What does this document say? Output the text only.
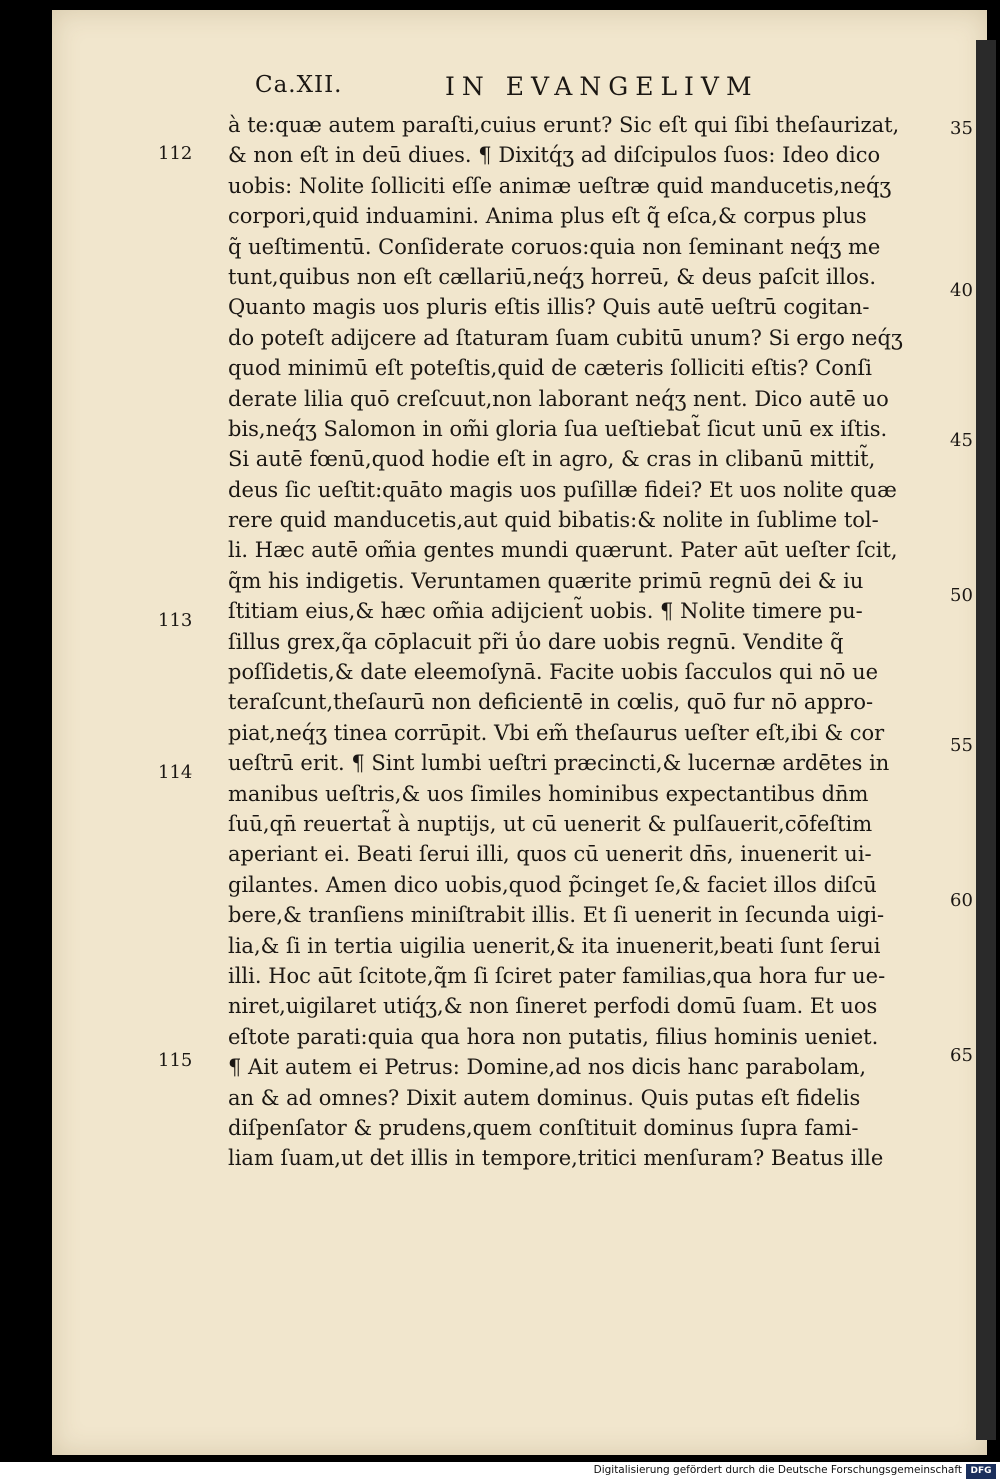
Ca.XII.	IN EVANGELIVM
à te:quæ autem paraſti,cuius erunt? Sic eſt qui ſibi theſaurizat,
& non eſt in deū diues. ¶ Dixitq́ʒ ad diſcipulos ſuos: Ideo dico
uobis: Nolite ſolliciti eſſe animæ ueſtræ quid manducetis,neq́ʒ
corpori,quid induamini. Anima plus eſt q̃ eſca,& corpus plus
q̃ ueſtimentū. Conſiderate coruos:quia non ſeminant neq́ʒ me
tunt,quibus non eſt cællariū,neq́ʒ horreū, & deus paſcit illos.
Quanto magis uos pluris eſtis illis? Quis autē ueſtrū cogitan-
do poteſt adijcere ad ſtaturam ſuam cubitū unum? Si ergo neq́ʒ
quod minimū eſt poteſtis,quid de cæteris ſolliciti eſtis? Conſi
derate lilia quō creſcuut,non laborant neq́ʒ nent. Dico autē uo
bis,neq́ʒ Salomon in om̃i gloria ſua ueſtiebat̃ ſicut unū ex iſtis.
Si autē fœnū,quod hodie eſt in agro, & cras in clibanū mittit̃,
deus ſic ueſtit:quāto magis uos puſillæ fidei? Et uos nolite quæ
rere quid manducetis,aut quid bibatis:& nolite in ſublime tol-
li. Hæc autē om̃ia gentes mundi quærunt. Pater aūt ueſter ſcit,
q̃m his indigetis. Veruntamen quærite primū regnū dei & iu
ſtitiam eius,& hæc om̃ia adijcient̃ uobis. ¶ Nolite timere pu-
ſillus grex,q̃a cōplacuit pr̃i u̾o dare uobis regnū. Vendite q̃
poſſidetis,& date eleemoſynā. Facite uobis ſacculos qui nō ue
teraſcunt,theſaurū non deficientē in cœlis, quō fur nō appro-
piat,neq́ʒ tinea corrūpit. Vbi em̃ theſaurus ueſter eſt,ibi & cor
ueſtrū erit. ¶ Sint lumbi ueſtri præcincti,& lucernæ ardētes in
manibus ueſtris,& uos ſimiles hominibus expectantibus dn̄m
ſuū,qn̄ reuertat̃ à nuptijs, ut cū uenerit & pulſauerit,cōfeſtim
aperiant ei. Beati ſerui illi, quos cū uenerit dn̄s, inuenerit ui-
gilantes. Amen dico uobis,quod p̃cinget ſe,& faciet illos diſcū
bere,& tranſiens miniſtrabit illis. Et ſi uenerit in ſecunda uigi-
lia,& ſi in tertia uigilia uenerit,& ita inuenerit,beati ſunt ſerui
illi. Hoc aūt ſcitote,q̃m ſi ſciret pater familias,qua hora fur ue-
niret,uigilaret utiq́ʒ,& non ſineret perfodi domū ſuam. Et uos
eſtote parati:quia qua hora non putatis, filius hominis ueniet.
¶ Ait autem ei Petrus: Domine,ad nos dicis hanc parabolam,
an & ad omnes? Dixit autem dominus. Quis putas eſt fidelis
diſpenſator & prudens,quem conſtituit dominus ſupra fami-
liam ſuam,ut det illis in tempore,tritici menſuram? Beatus ille
112
113
114
115
35
40
45
50
55
60
65
Digitalisierung gefördert durch die Deutsche Forschungsgemeinschaft DFG
